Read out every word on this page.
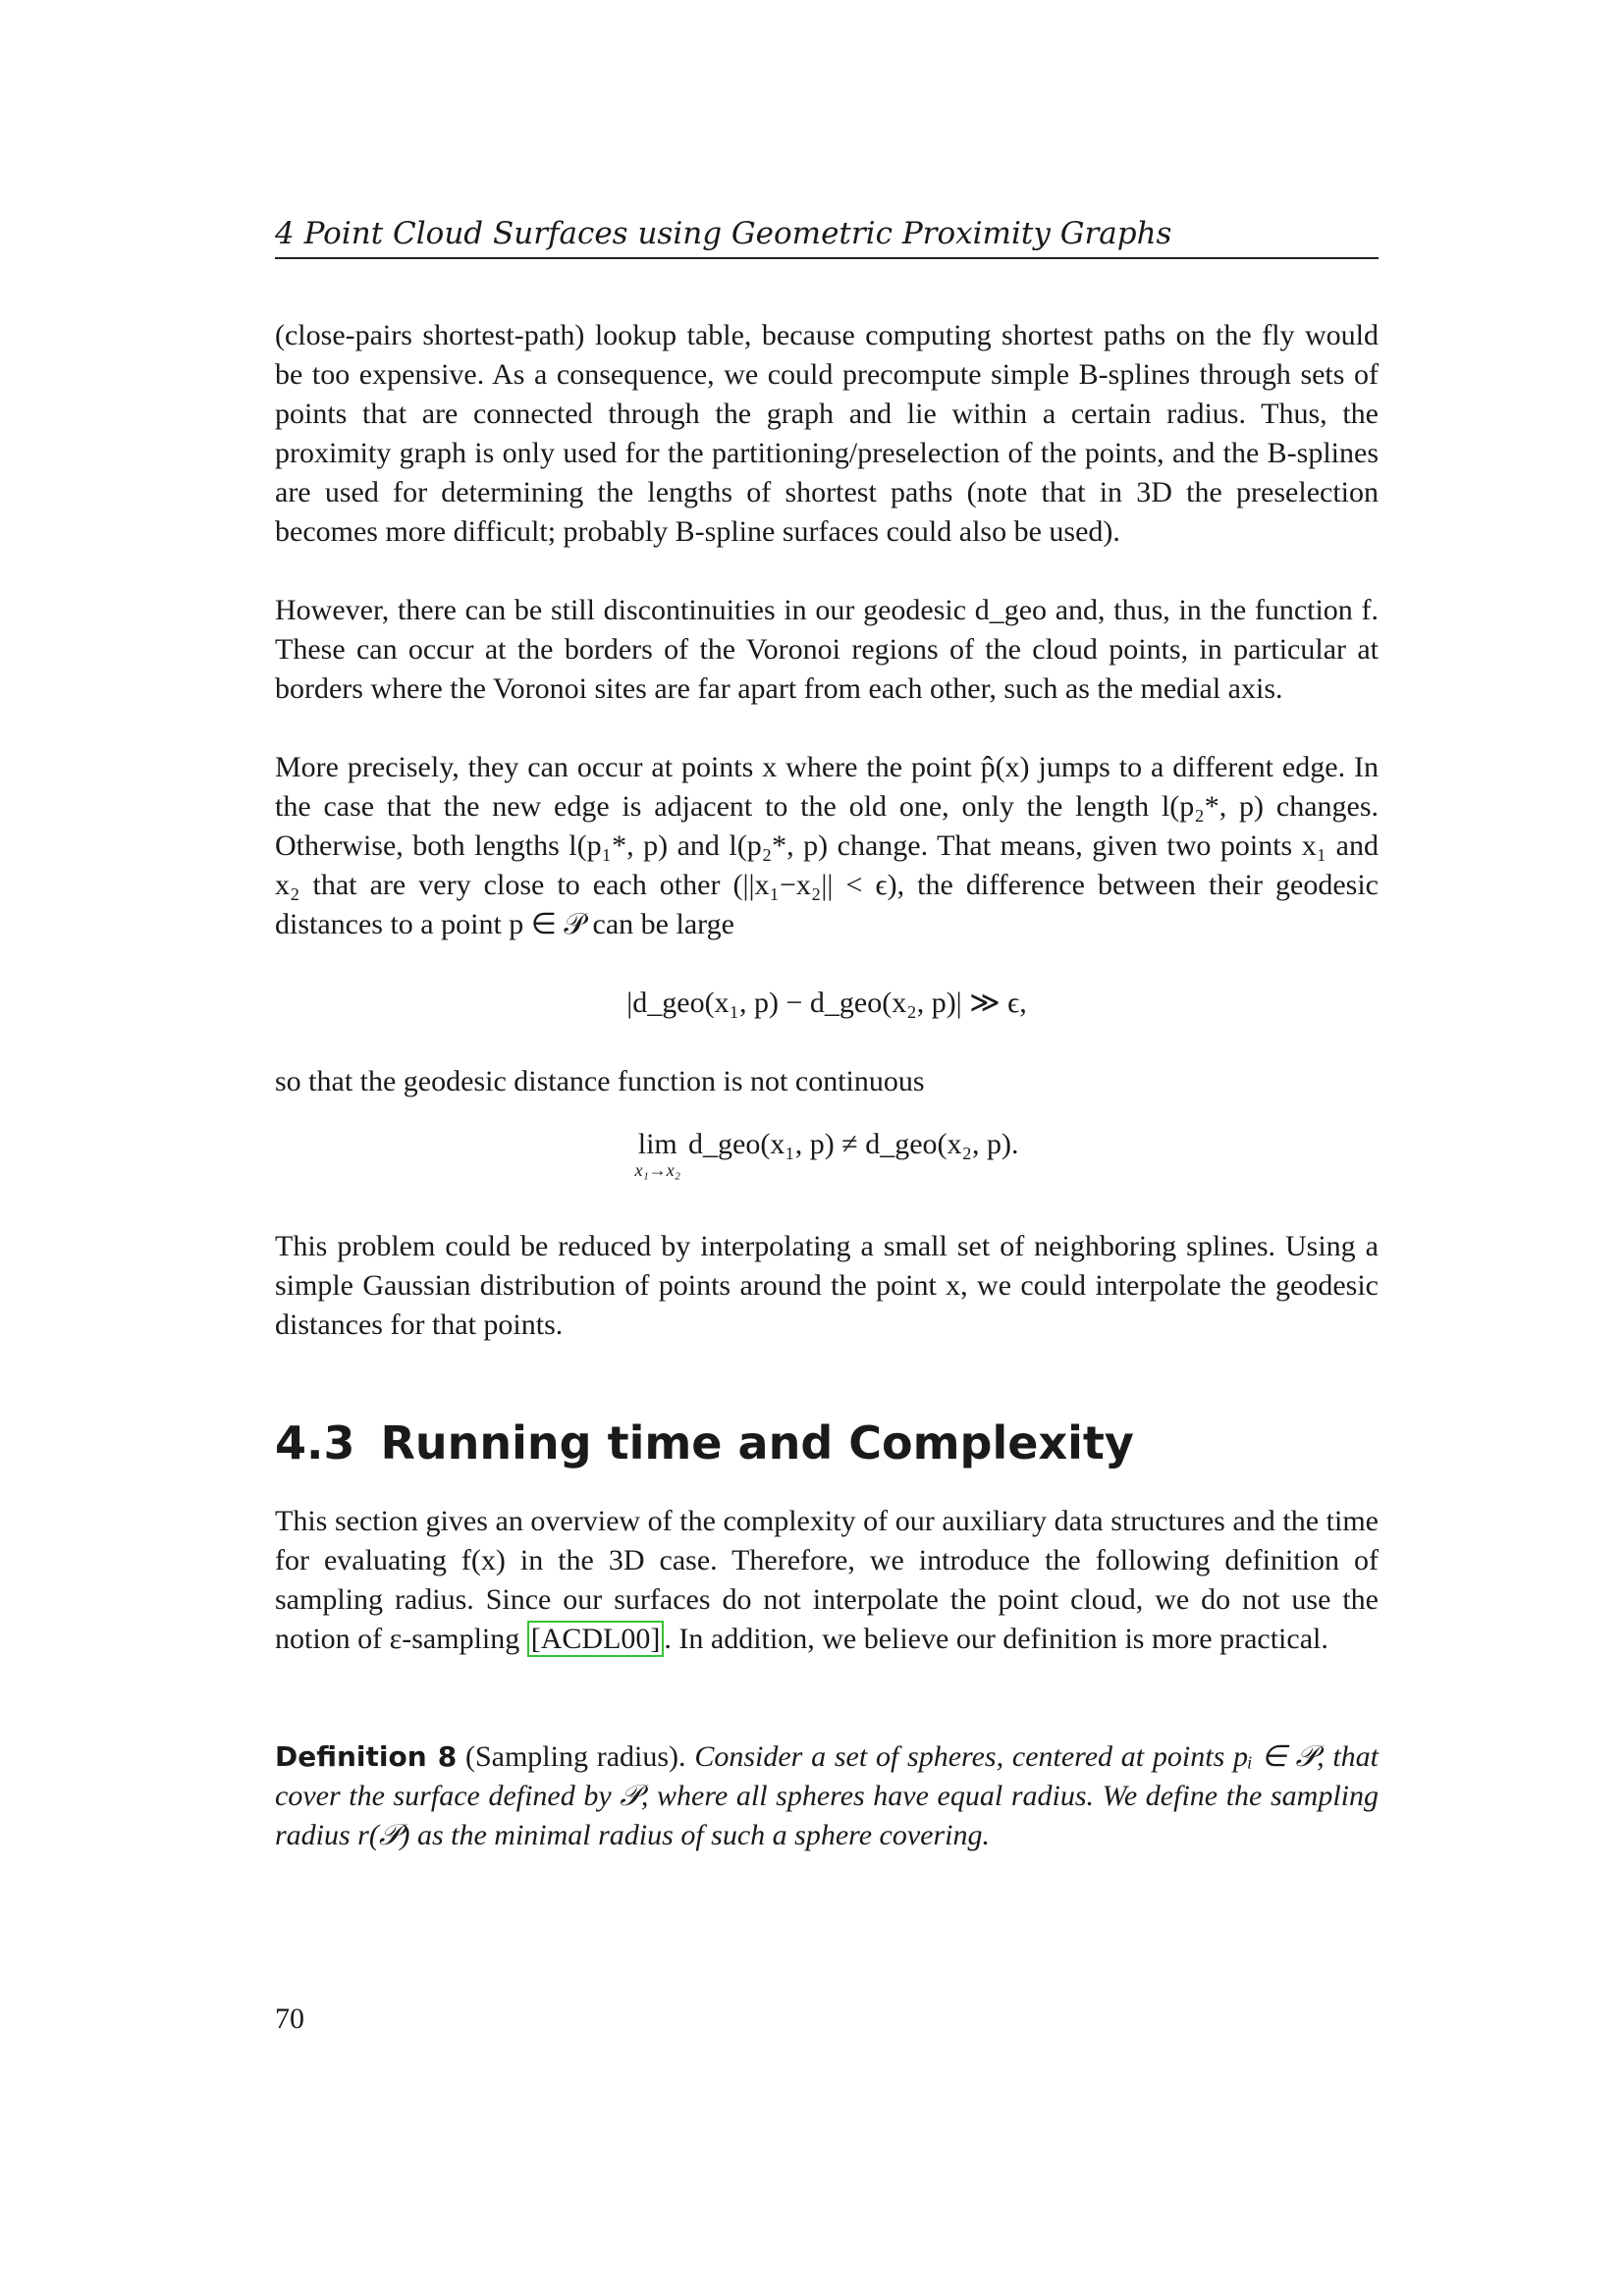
4 Point Cloud Surfaces using Geometric Proximity Graphs

(close-pairs shortest-path) lookup table, because computing shortest paths on the fly would be too expensive. As a consequence, we could precompute simple B-splines through sets of points that are connected through the graph and lie within a certain radius. Thus, the proximity graph is only used for the partitioning/preselection of the points, and the B-splines are used for determining the lengths of shortest paths (note that in 3D the preselection becomes more difficult; probably B-spline surfaces could also be used).

However, there can be still discontinuities in our geodesic d_geo and, thus, in the function f. These can occur at the borders of the Voronoi regions of the cloud points, in particular at borders where the Voronoi sites are far apart from each other, such as the medial axis.

More precisely, they can occur at points x where the point p̂(x) jumps to a different edge. In the case that the new edge is adjacent to the old one, only the length l(p₂*, p) changes. Otherwise, both lengths l(p₁*, p) and l(p₂*, p) change. That means, given two points x₁ and x₂ that are very close to each other (||x₁−x₂|| < ϵ), the difference between their geodesic distances to a point p ∈ 𝒫 can be large

|d_geo(x₁, p) − d_geo(x₂, p)| ≫ ϵ,

so that the geodesic distance function is not continuous

lim
x₁→x₂
d_geo(x₁, p) ≠ d_geo(x₂, p).

This problem could be reduced by interpolating a small set of neighboring splines. Using a simple Gaussian distribution of points around the point x, we could interpolate the geodesic distances for that points.

4.3 Running time and Complexity

This section gives an overview of the complexity of our auxiliary data structures and the time for evaluating f(x) in the 3D case. Therefore, we introduce the following definition of sampling radius. Since our surfaces do not interpolate the point cloud, we do not use the notion of ε-sampling [ACDL00] . In addition, we believe our definition is more practical.

Definition 8 (Sampling radius). Consider a set of spheres, centered at points pᵢ ∈ 𝒫, that cover the surface defined by 𝒫, where all spheres have equal radius. We define the sampling radius r(𝒫) as the minimal radius of such a sphere covering.
70
